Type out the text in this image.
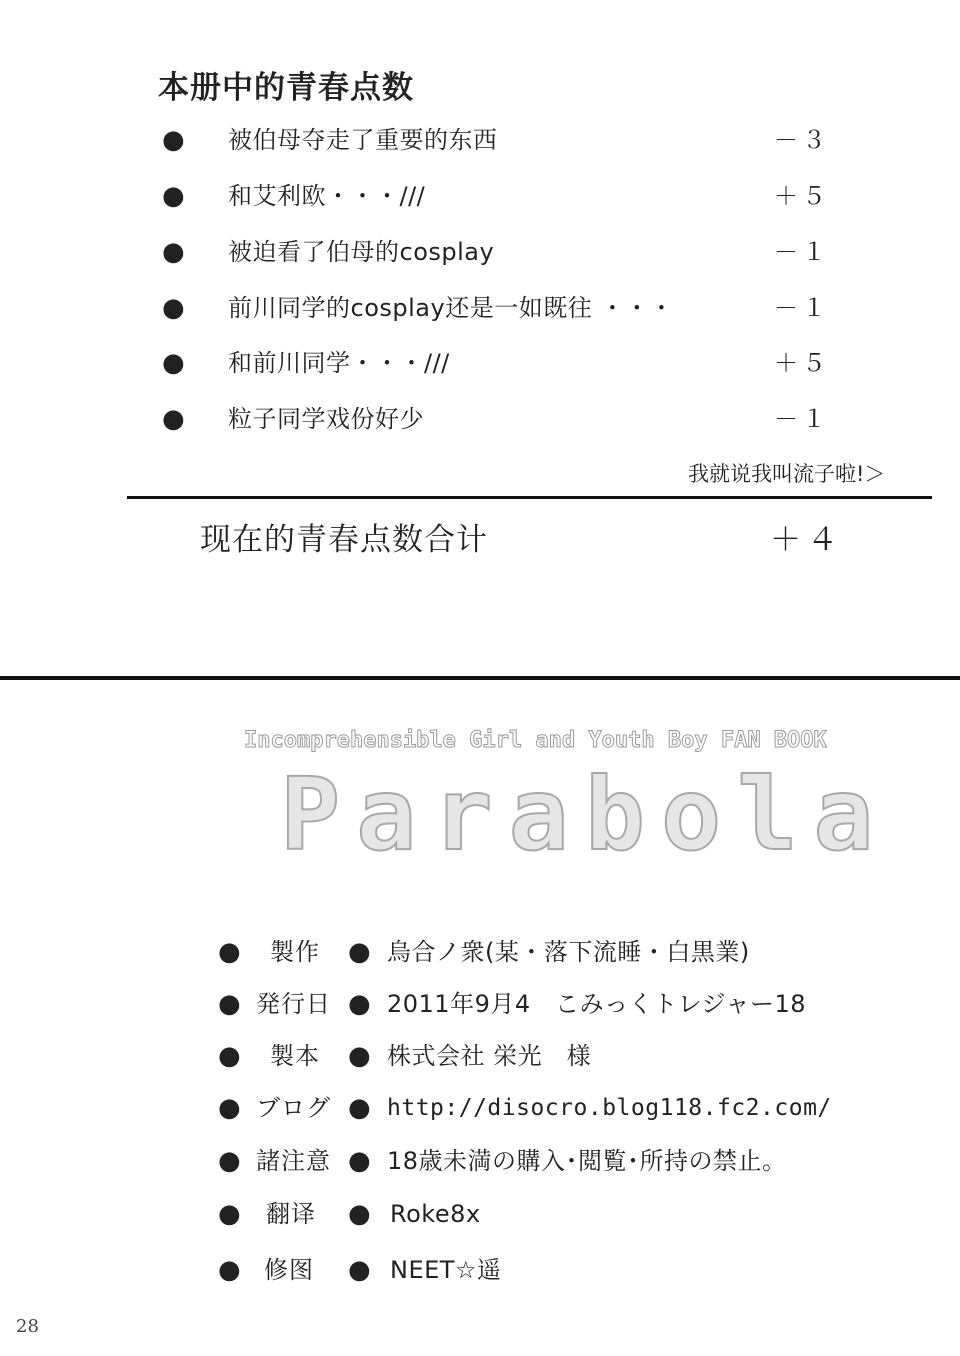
本册中的青春点数
● 被伯母夺走了重要的东西	－３
● 和艾利欧・・・///	＋５
● 被迫看了伯母的cosplay	－１
● 前川同学的cosplay还是一如既往 ・・・	－１
● 和前川同学・・・///	＋５
● 粒子同学戏份好少	－１
我就说我叫流子啦!＞
现在的青春点数合计	＋４
Incomprehensible Girl and Youth Boy FAN BOOK
Parabola
● 製作 ● 烏合ノ衆(某・落下流睡・白黒業)
● 発行日 ● 2011年9月4　こみっくトレジャー18
● 製本 ● 株式会社 栄光　様
● ブログ ● http://disocro.blog118.fc2.com/
● 諸注意 ● 18歳未満の購入･閲覧･所持の禁止。
● 翻译 ● Roke8x
● 修图 ● NEET☆遥
28
